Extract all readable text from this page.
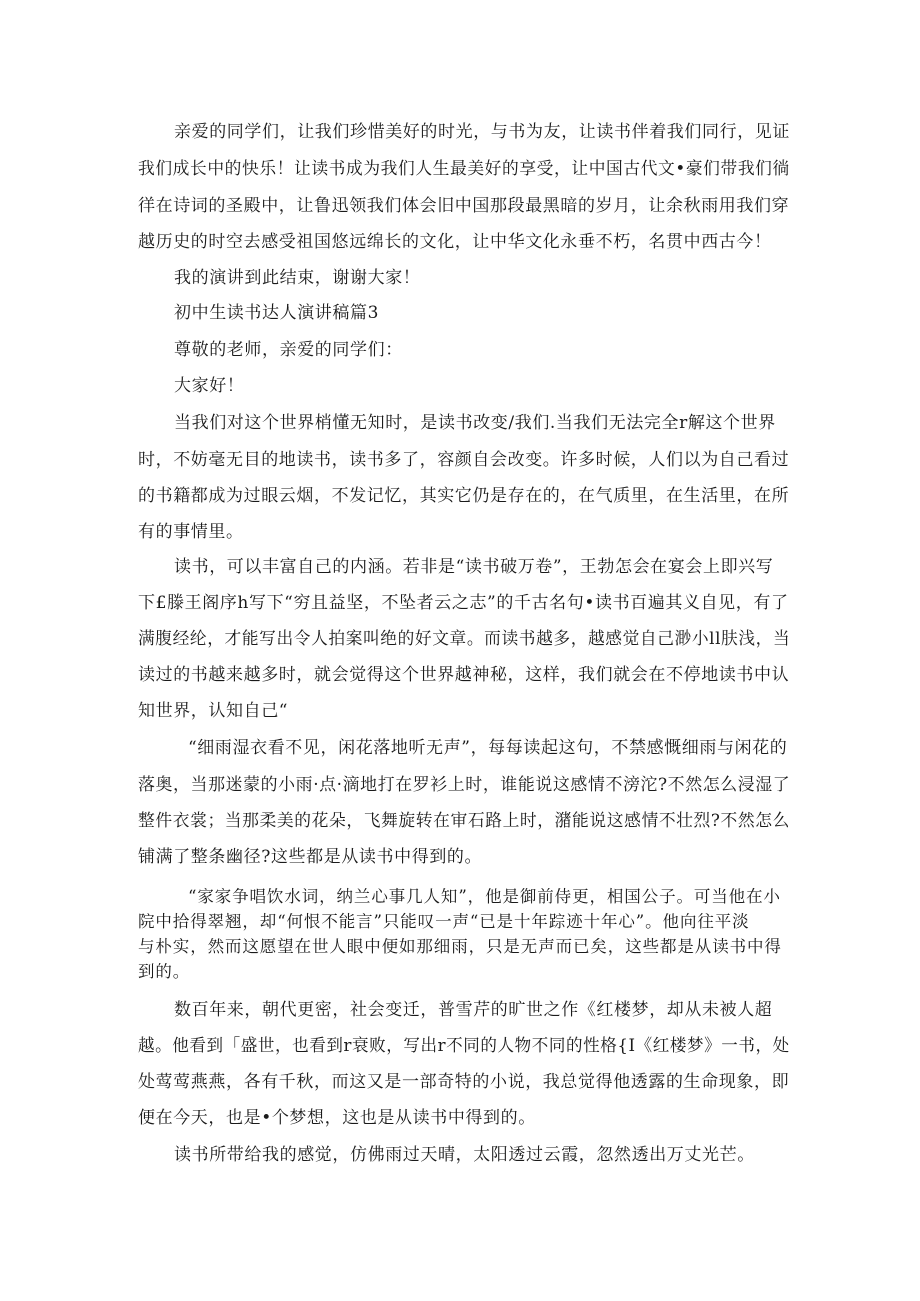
亲爱的同学们，让我们珍惜美好的时光，与书为友，让读书伴着我们同行，见证
我们成长中的快乐！让读书成为我们人生最美好的享受，让中国古代文•豪们带我们徜
徉在诗词的圣殿中，让鲁迅领我们体会旧中国那段最黑暗的岁月，让余秋雨用我们穿
越历史的时空去感受祖国悠远绵长的文化，让中华文化永垂不朽，名贯中西古今！
我的演讲到此结束，谢谢大家！
初中生读书达人演讲稿篇3
尊敬的老师，亲爱的同学们：
大家好！
当我们对这个世界梢懂无知时，是读书改变/我们.当我们无法完全r解这个世界
时，不妨毫无目的地读书，读书多了，容颜自会改变。许多时候，人们以为自己看过
的书籍都成为过眼云烟，不发记忆，其实它仍是存在的，在气质里，在生活里，在所
有的事情里。
读书，可以丰富自己的内涵。若非是“读书破万卷”，王勃怎会在宴会上即兴写
下£滕王阁序h写下“穷且益坚，不坠者云之志”的千古名句•读书百遍其义自见，有了
满腹经纶，才能写出令人拍案叫绝的好文章。而读书越多，越感觉自己渺小ll肤浅，当
读过的书越来越多时，就会觉得这个世界越神秘，这样，我们就会在不停地读书中认
知世界，认知自己“
“细雨湿衣看不见，闲花落地听无声”，每每读起这句，不禁感慨细雨与闲花的
落奥，当那迷蒙的小雨·点·滴地打在罗衫上时，谁能说这感情不滂沱?不然怎么浸湿了
整件衣裳；当那柔美的花朵，飞舞旋转在审石路上时，潴能说这感情不壮烈?不然怎么
铺满了整条幽径?这些都是从读书中得到的。
“家家争唱饮水词，纳兰心事几人知”，他是御前侍更，相国公子。可当他在小
院中拾得翠翘，却“何恨不能言”只能叹一声“已是十年踪迹十年心”。他向往平淡
与朴实，然而这愿望在世人眼中便如那细雨，只是无声而已矣，这些都是从读书中得
到的。
数百年来，朝代更密，社会变迁，普雪芹的旷世之作《红楼梦，却从未被人超
越。他看到「盛世，也看到r衰败，写出r不同的人物不同的性格{I《红楼梦》一书，处
处莺莺燕燕，各有千秋，而这又是一部奇特的小说，我总觉得他透露的生命现象，即
便在今天，也是•个梦想，这也是从读书中得到的。
读书所带给我的感觉，仿佛雨过天晴，太阳透过云霞，忽然透出万丈光芒。
